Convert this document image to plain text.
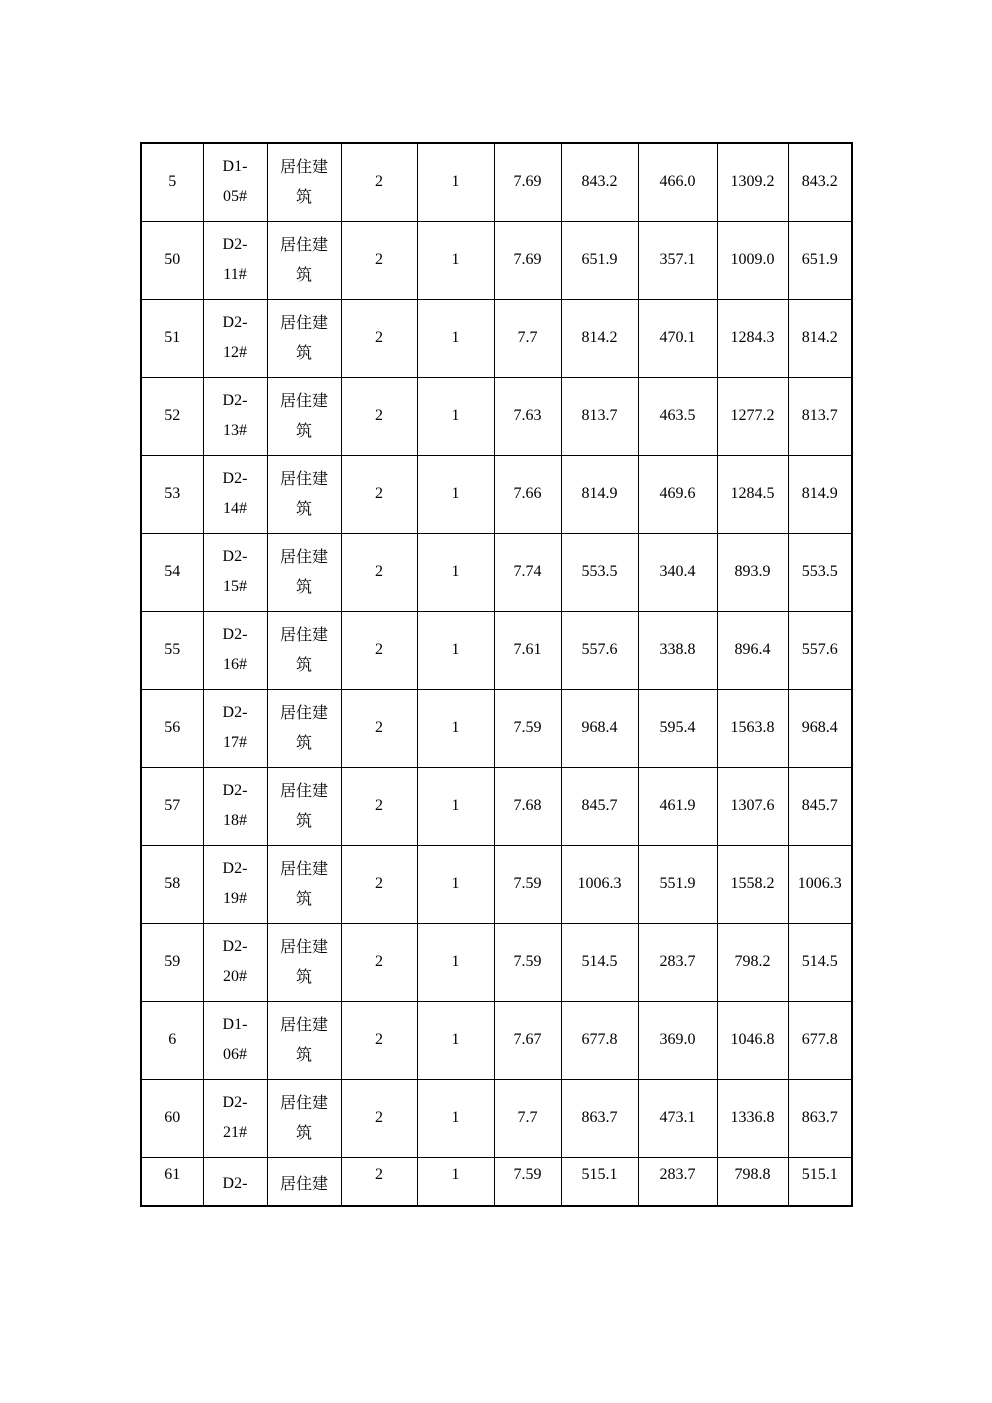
5	D1-05#	居住建筑	2	1	7.69	843.2	466.0	1309.2	843.2
50	D2-11#	居住建筑	2	1	7.69	651.9	357.1	1009.0	651.9
51	D2-12#	居住建筑	2	1	7.7	814.2	470.1	1284.3	814.2
52	D2-13#	居住建筑	2	1	7.63	813.7	463.5	1277.2	813.7
53	D2-14#	居住建筑	2	1	7.66	814.9	469.6	1284.5	814.9
54	D2-15#	居住建筑	2	1	7.74	553.5	340.4	893.9	553.5
55	D2-16#	居住建筑	2	1	7.61	557.6	338.8	896.4	557.6
56	D2-17#	居住建筑	2	1	7.59	968.4	595.4	1563.8	968.4
57	D2-18#	居住建筑	2	1	7.68	845.7	461.9	1307.6	845.7
58	D2-19#	居住建筑	2	1	7.59	1006.3	551.9	1558.2	1006.3
59	D2-20#	居住建筑	2	1	7.59	514.5	283.7	798.2	514.5
6	D1-06#	居住建筑	2	1	7.67	677.8	369.0	1046.8	677.8
60	D2-21#	居住建筑	2	1	7.7	863.7	473.1	1336.8	863.7
61	D2-	居住建	2	1	7.59	515.1	283.7	798.8	515.1
